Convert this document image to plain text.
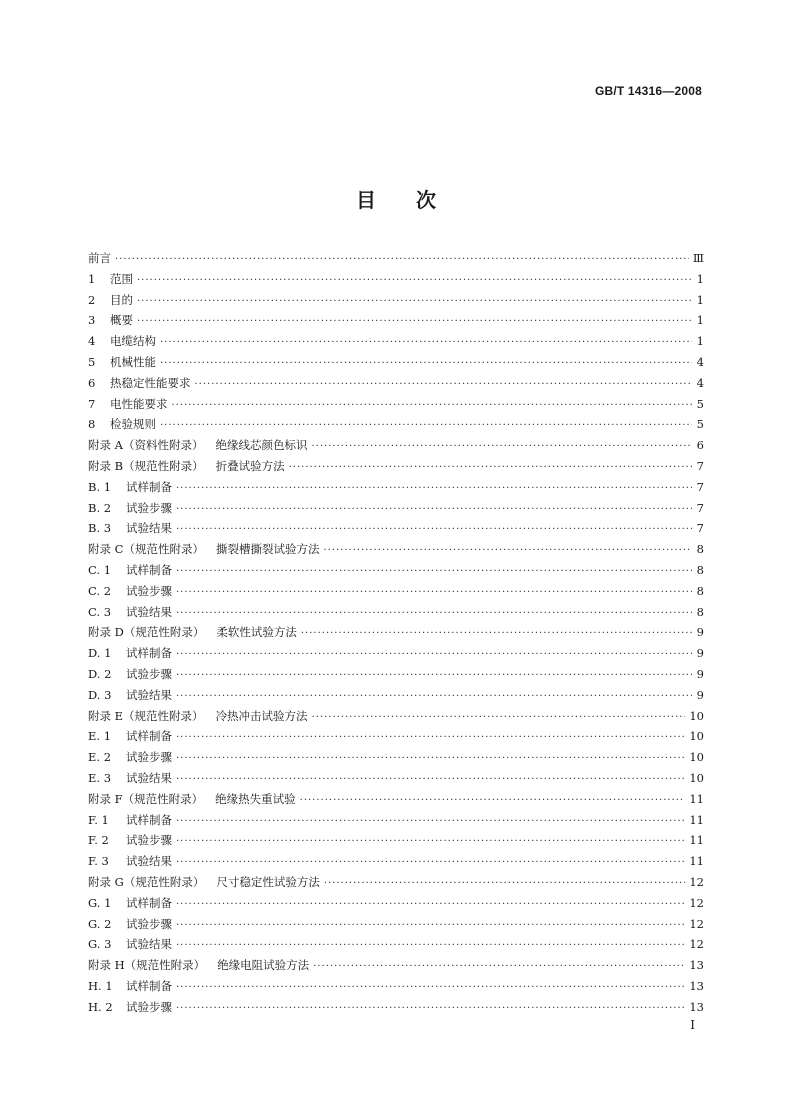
GB/T 14316—2008
目　　次
前言 ·····	Ⅲ
1 范围 ·····	1
2 目的 ·····	1
3 概要 ·····	1
4 电缆结构 ·····	1
5 机械性能 ·····	4
6 热稳定性能要求 ·····	4
7 电性能要求 ·····	5
8 检验规则 ·····	5
附录 A（资料性附录） 绝缘线芯颜色标识 ·····	6
附录 B（规范性附录） 折叠试验方法 ·····	7
B. 1 试样制备 ·····	7
B. 2 试验步骤 ·····	7
B. 3 试验结果 ·····	7
附录 C（规范性附录） 撕裂槽撕裂试验方法 ·····	8
C. 1 试样制备 ·····	8
C. 2 试验步骤 ·····	8
C. 3 试验结果 ·····	8
附录 D（规范性附录） 柔软性试验方法 ·····	9
D. 1 试样制备 ·····	9
D. 2 试验步骤 ·····	9
D. 3 试验结果 ·····	9
附录 E（规范性附录） 冷热冲击试验方法 ·····	10
E. 1 试样制备 ·····	10
E. 2 试验步骤 ·····	10
E. 3 试验结果 ·····	10
附录 F（规范性附录） 绝缘热失重试验 ·····	11
F. 1 试样制备 ·····	11
F. 2 试验步骤 ·····	11
F. 3 试验结果 ·····	11
附录 G（规范性附录） 尺寸稳定性试验方法 ·····	12
G. 1 试样制备 ·····	12
G. 2 试验步骤 ·····	12
G. 3 试验结果 ·····	12
附录 H（规范性附录） 绝缘电阻试验方法 ·····	13
H. 1 试样制备 ·····	13
H. 2 试验步骤 ·····	13
I
